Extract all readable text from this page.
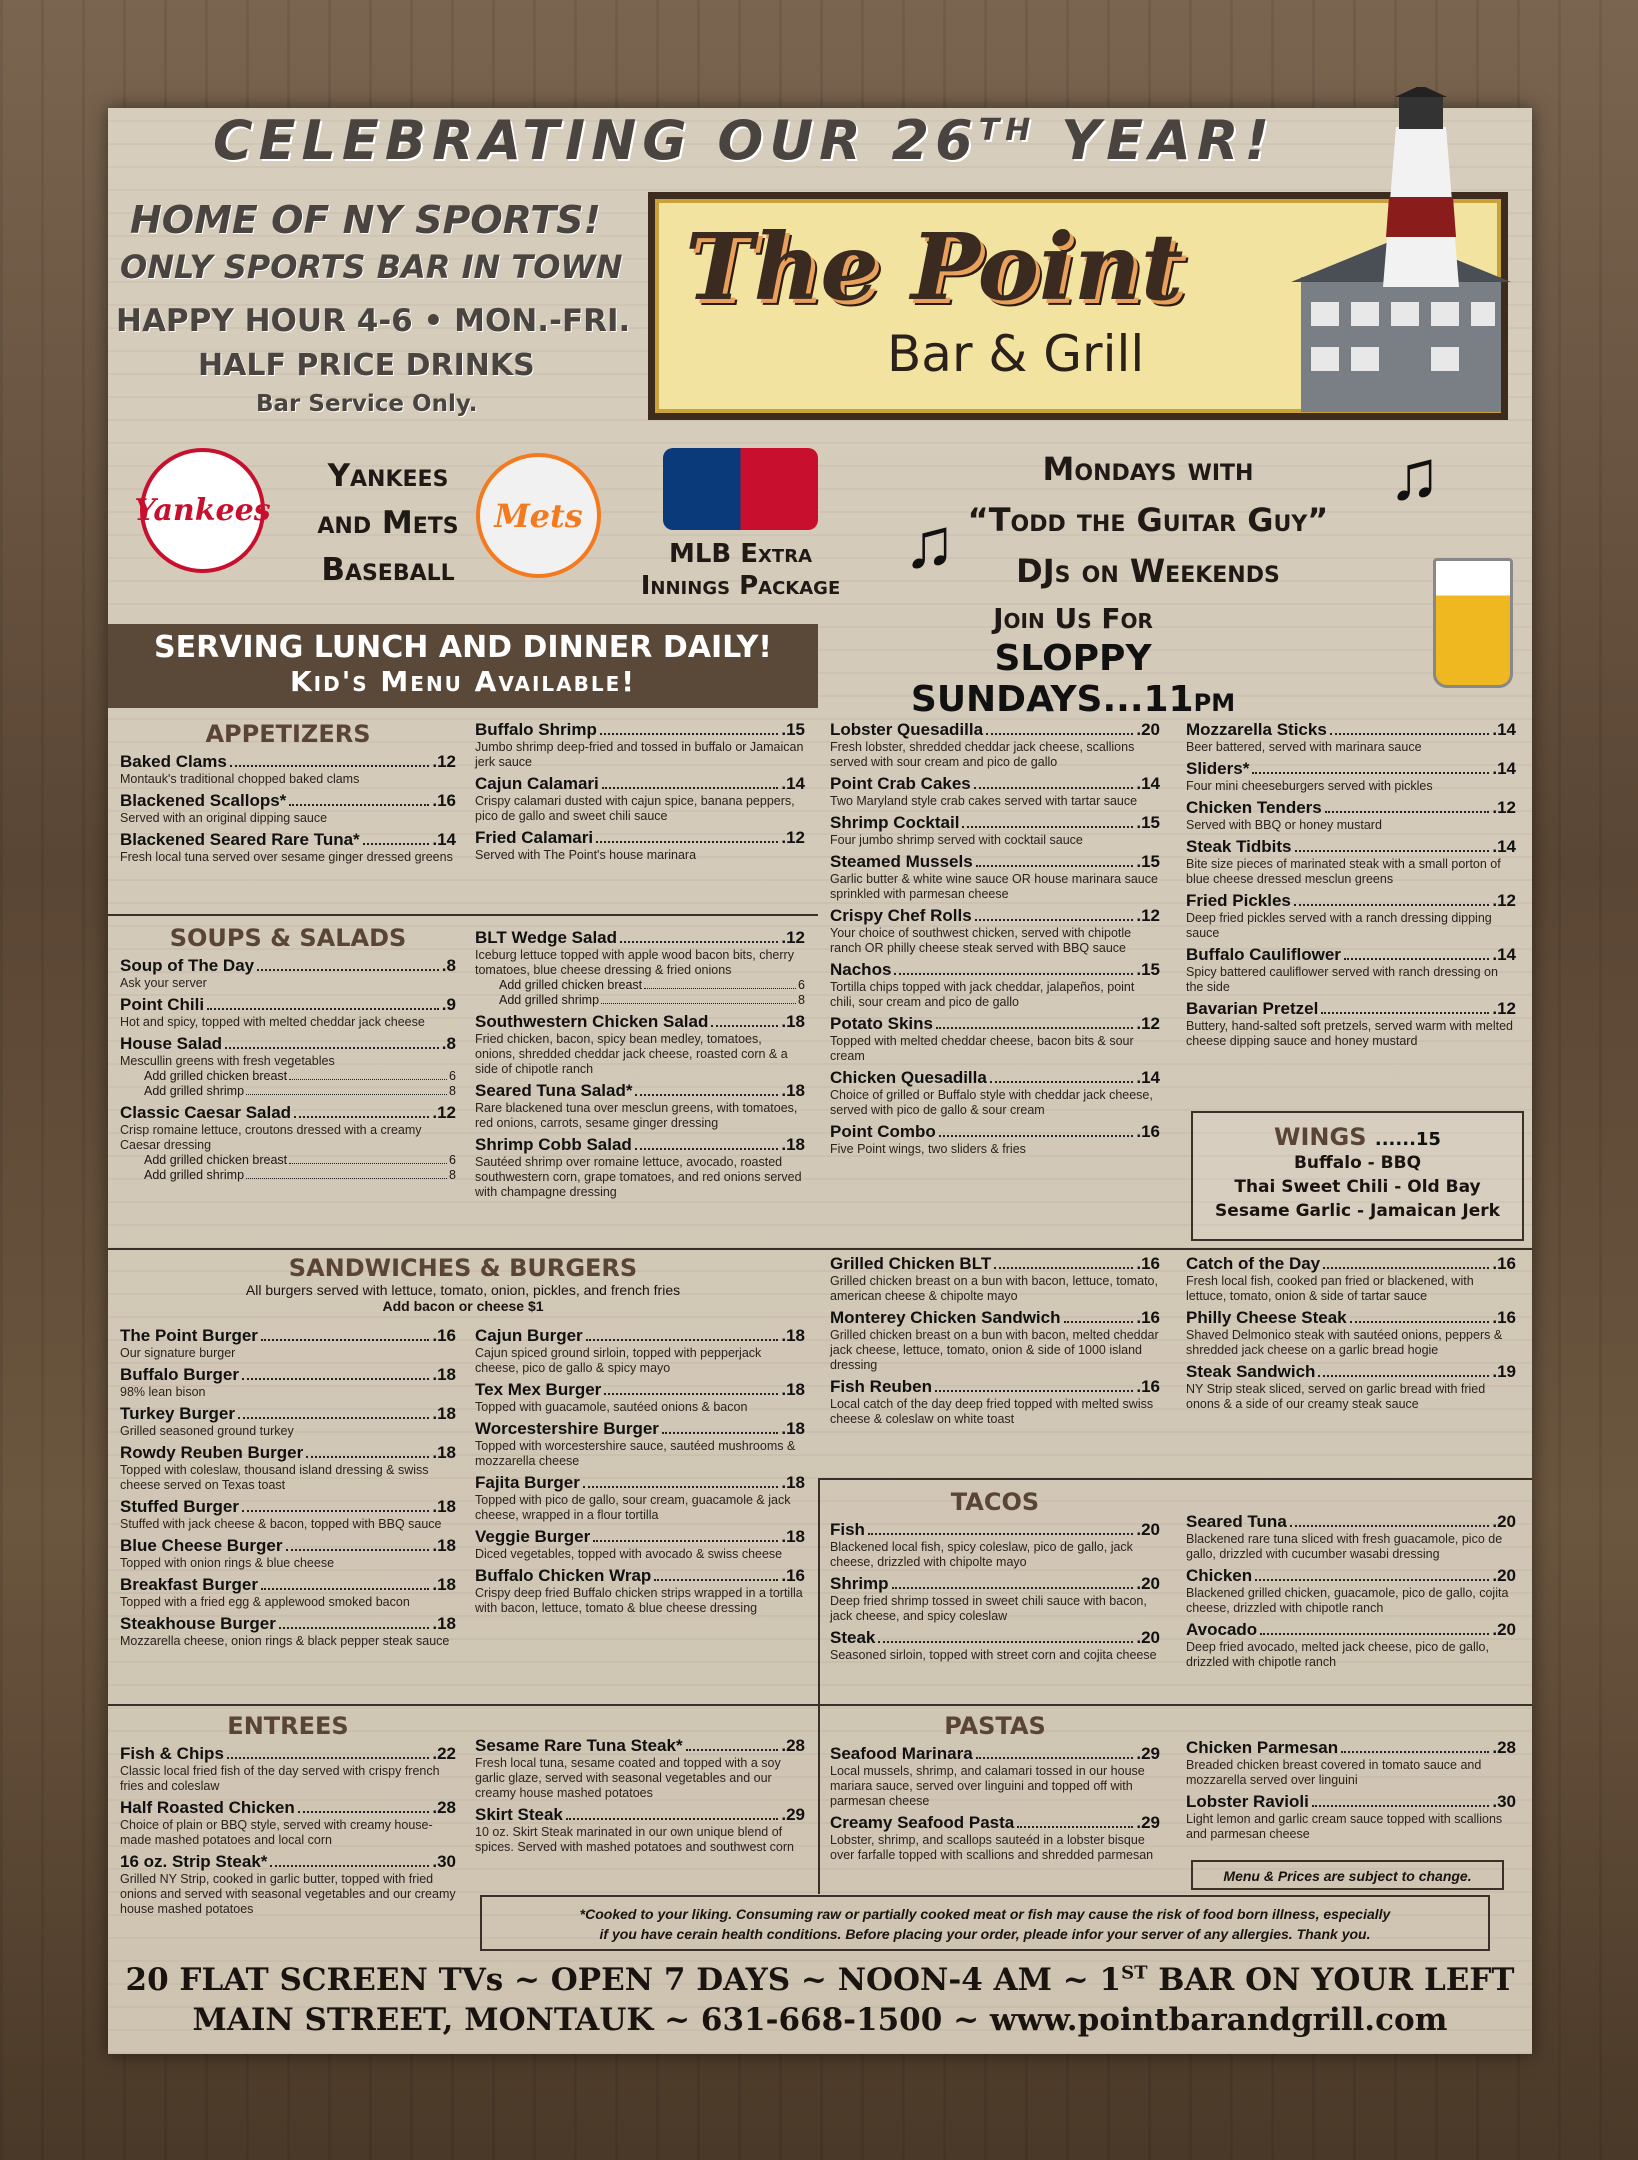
CELEBRATING OUR 26TH YEAR!
HOME OF NY SPORTS!
ONLY SPORTS BAR IN TOWN
HAPPY HOUR 4-6 • MON.-FRI.
HALF PRICE DRINKS
Bar Service Only.
The Point
Bar & Grill
Yankees
Yankees
and Mets
Baseball
Mets
MLB Extra
Innings Package
♫
♫
Mondays with
“Todd the Guitar Guy”
DJs on Weekends
Join Us For
SLOPPY SUNDAYS...11PM
SERVING LUNCH AND DINNER DAILY!
Kid's Menu Available!
APPETIZERS
Baked Clams	. 12
Montauk's traditional chopped baked clams
Blackened Scallops*	. 16
Served with an original dipping sauce
Blackened Seared Rare Tuna*	. 14
Fresh local tuna served over sesame ginger dressed greens
Buffalo Shrimp	. 15
Jumbo shrimp deep-fried and tossed in buffalo or Jamaican jerk sauce
Cajun Calamari	. 14
Crispy calamari dusted with cajun spice, banana peppers, pico de gallo and sweet chili sauce
Fried Calamari	. 12
Served with The Point's house marinara
Lobster Quesadilla	. 20
Fresh lobster, shredded cheddar jack cheese, scallions served with sour cream and pico de gallo
Point Crab Cakes	. 14
Two Maryland style crab cakes served with tartar sauce
Shrimp Cocktail	. 15
Four jumbo shrimp served with cocktail sauce
Steamed Mussels	. 15
Garlic butter & white wine sauce OR house marinara sauce sprinkled with parmesan cheese
Crispy Chef Rolls	. 12
Your choice of southwest chicken, served with chipotle ranch OR philly cheese steak served with BBQ sauce
Nachos	. 15
Tortilla chips topped with jack cheddar, jalapeños, point chili, sour cream and pico de gallo
Potato Skins	. 12
Topped with melted cheddar cheese, bacon bits & sour cream
Chicken Quesadilla	. 14
Choice of grilled or Buffalo style with cheddar jack cheese, served with pico de gallo & sour cream
Point Combo	. 16
Five Point wings, two sliders & fries
Mozzarella Sticks	. 14
Beer battered, served with marinara sauce
Sliders*	. 14
Four mini cheeseburgers served with pickles
Chicken Tenders	. 12
Served with BBQ or honey mustard
Steak Tidbits	. 14
Bite size pieces of marinated steak with a small porton of blue cheese dressed mesclun greens
Fried Pickles	. 12
Deep fried pickles served with a ranch dressing dipping sauce
Buffalo Cauliflower	. 14
Spicy battered cauliflower served with ranch dressing on the side
Bavarian Pretzel	. 12
Buttery, hand-salted soft pretzels, served warm with melted cheese dipping sauce and honey mustard
WINGS ......15
Buffalo - BBQ
Thai Sweet Chili - Old Bay
Sesame Garlic - Jamaican Jerk
SOUPS & SALADS
Soup of The Day	. 8
Ask your server
Point Chili	. 9
Hot and spicy, topped with melted cheddar jack cheese
House Salad	. 8
Mescullin greens with fresh vegetables
Add grilled chicken breast	6
Add grilled shrimp	8
Classic Caesar Salad	. 12
Crisp romaine lettuce, croutons dressed with a creamy Caesar dressing
Add grilled chicken breast	6
Add grilled shrimp	8
BLT Wedge Salad	. 12
Iceburg lettuce topped with apple wood bacon bits, cherry tomatoes, blue cheese dressing & fried onions
Add grilled chicken breast	6
Add grilled shrimp	8
Southwestern Chicken Salad	. 18
Fried chicken, bacon, spicy bean medley, tomatoes, onions, shredded cheddar jack cheese, roasted corn & a side of chipotle ranch
Seared Tuna Salad*	. 18
Rare blackened tuna over mesclun greens, with tomatoes, red onions, carrots, sesame ginger dressing
Shrimp Cobb Salad	. 18
Sautéed shrimp over romaine lettuce, avocado, roasted southwestern corn, grape tomatoes, and red onions served with champagne dressing
SANDWICHES & BURGERS
All burgers served with lettuce, tomato, onion, pickles, and french fries
Add bacon or cheese $1
The Point Burger	. 16
Our signature burger
Buffalo Burger	. 18
98% lean bison
Turkey Burger	. 18
Grilled seasoned ground turkey
Rowdy Reuben Burger	. 18
Topped with coleslaw, thousand island dressing & swiss cheese served on Texas toast
Stuffed Burger	. 18
Stuffed with jack cheese & bacon, topped with BBQ sauce
Blue Cheese Burger	. 18
Topped with onion rings & blue cheese
Breakfast Burger	. 18
Topped with a fried egg & applewood smoked bacon
Steakhouse Burger	. 18
Mozzarella cheese, onion rings & black pepper steak sauce
Cajun Burger	. 18
Cajun spiced ground sirloin, topped with pepperjack cheese, pico de gallo & spicy mayo
Tex Mex Burger	. 18
Topped with guacamole, sautéed onions & bacon
Worcestershire Burger	. 18
Topped with worcestershire sauce, sautéed mushrooms & mozzarella cheese
Fajita Burger	. 18
Topped with pico de gallo, sour cream, guacamole & jack cheese, wrapped in a flour tortilla
Veggie Burger	. 18
Diced vegetables, topped with avocado & swiss cheese
Buffalo Chicken Wrap	. 16
Crispy deep fried Buffalo chicken strips wrapped in a tortilla with bacon, lettuce, tomato & blue cheese dressing
Grilled Chicken BLT	. 16
Grilled chicken breast on a bun with bacon, lettuce, tomato, american cheese & chipolte mayo
Monterey Chicken Sandwich	. 16
Grilled chicken breast on a bun with bacon, melted cheddar jack cheese, lettuce, tomato, onion & side of 1000 island dressing
Fish Reuben	. 16
Local catch of the day deep fried topped with melted swiss cheese & coleslaw on white toast
Catch of the Day	. 16
Fresh local fish, cooked pan fried or blackened, with lettuce, tomato, onion & side of tartar sauce
Philly Cheese Steak	. 16
Shaved Delmonico steak with sautéed onions, peppers & shredded jack cheese on a garlic bread hogie
Steak Sandwich	. 19
NY Strip steak sliced, served on garlic bread with fried onons & a side of our creamy steak sauce
TACOS
Fish	. 20
Blackened local fish, spicy coleslaw, pico de gallo, jack cheese, drizzled with chipolte mayo
Shrimp	. 20
Deep fried shrimp tossed in sweet chili sauce with bacon, jack cheese, and spicy coleslaw
Steak	. 20
Seasoned sirloin, topped with street corn and cojita cheese
Seared Tuna	. 20
Blackened rare tuna sliced with fresh guacamole, pico de gallo, drizzled with cucumber wasabi dressing
Chicken	. 20
Blackened grilled chicken, guacamole, pico de gallo, cojita cheese, drizzled with chipotle ranch
Avocado	. 20
Deep fried avocado, melted jack cheese, pico de gallo, drizzled with chipotle ranch
ENTREES
Fish & Chips	. 22
Classic local fried fish of the day served with crispy french fries and coleslaw
Half Roasted Chicken	. 28
Choice of plain or BBQ style, served with creamy house-made mashed potatoes and local corn
16 oz. Strip Steak*	. 30
Grilled NY Strip, cooked in garlic butter, topped with fried onions and served with seasonal vegetables and our creamy house mashed potatoes
Sesame Rare Tuna Steak*	. 28
Fresh local tuna, sesame coated and topped with a soy garlic glaze, served with seasonal vegetables and our creamy house mashed potatoes
Skirt Steak	. 29
10 oz. Skirt Steak marinated in our own unique blend of spices. Served with mashed potatoes and southwest corn
PASTAS
Seafood Marinara	. 29
Local mussels, shrimp, and calamari tossed in our house mariara sauce, served over linguini and topped off with parmesan cheese
Creamy Seafood Pasta	. 29
Lobster, shrimp, and scallops sauteéd in a lobster bisque over farfalle topped with scallions and shredded parmesan
Chicken Parmesan	. 28
Breaded chicken breast covered in tomato sauce and mozzarella served over linguini
Lobster Ravioli	. 30
Light lemon and garlic cream sauce topped with scallions and parmesan cheese
Menu & Prices are subject to change.
*Cooked to your liking. Consuming raw or partially cooked meat or fish may cause the risk of food born illness, especially
if you have cerain health conditions. Before placing your order, pleade infor your server of any allergies. Thank you.
20 FLAT SCREEN TVs ~ OPEN 7 DAYS ~ NOON-4 AM ~ 1ST BAR ON YOUR LEFT
MAIN STREET, MONTAUK ~ 631-668-1500 ~ www.pointbarandgrill.com
